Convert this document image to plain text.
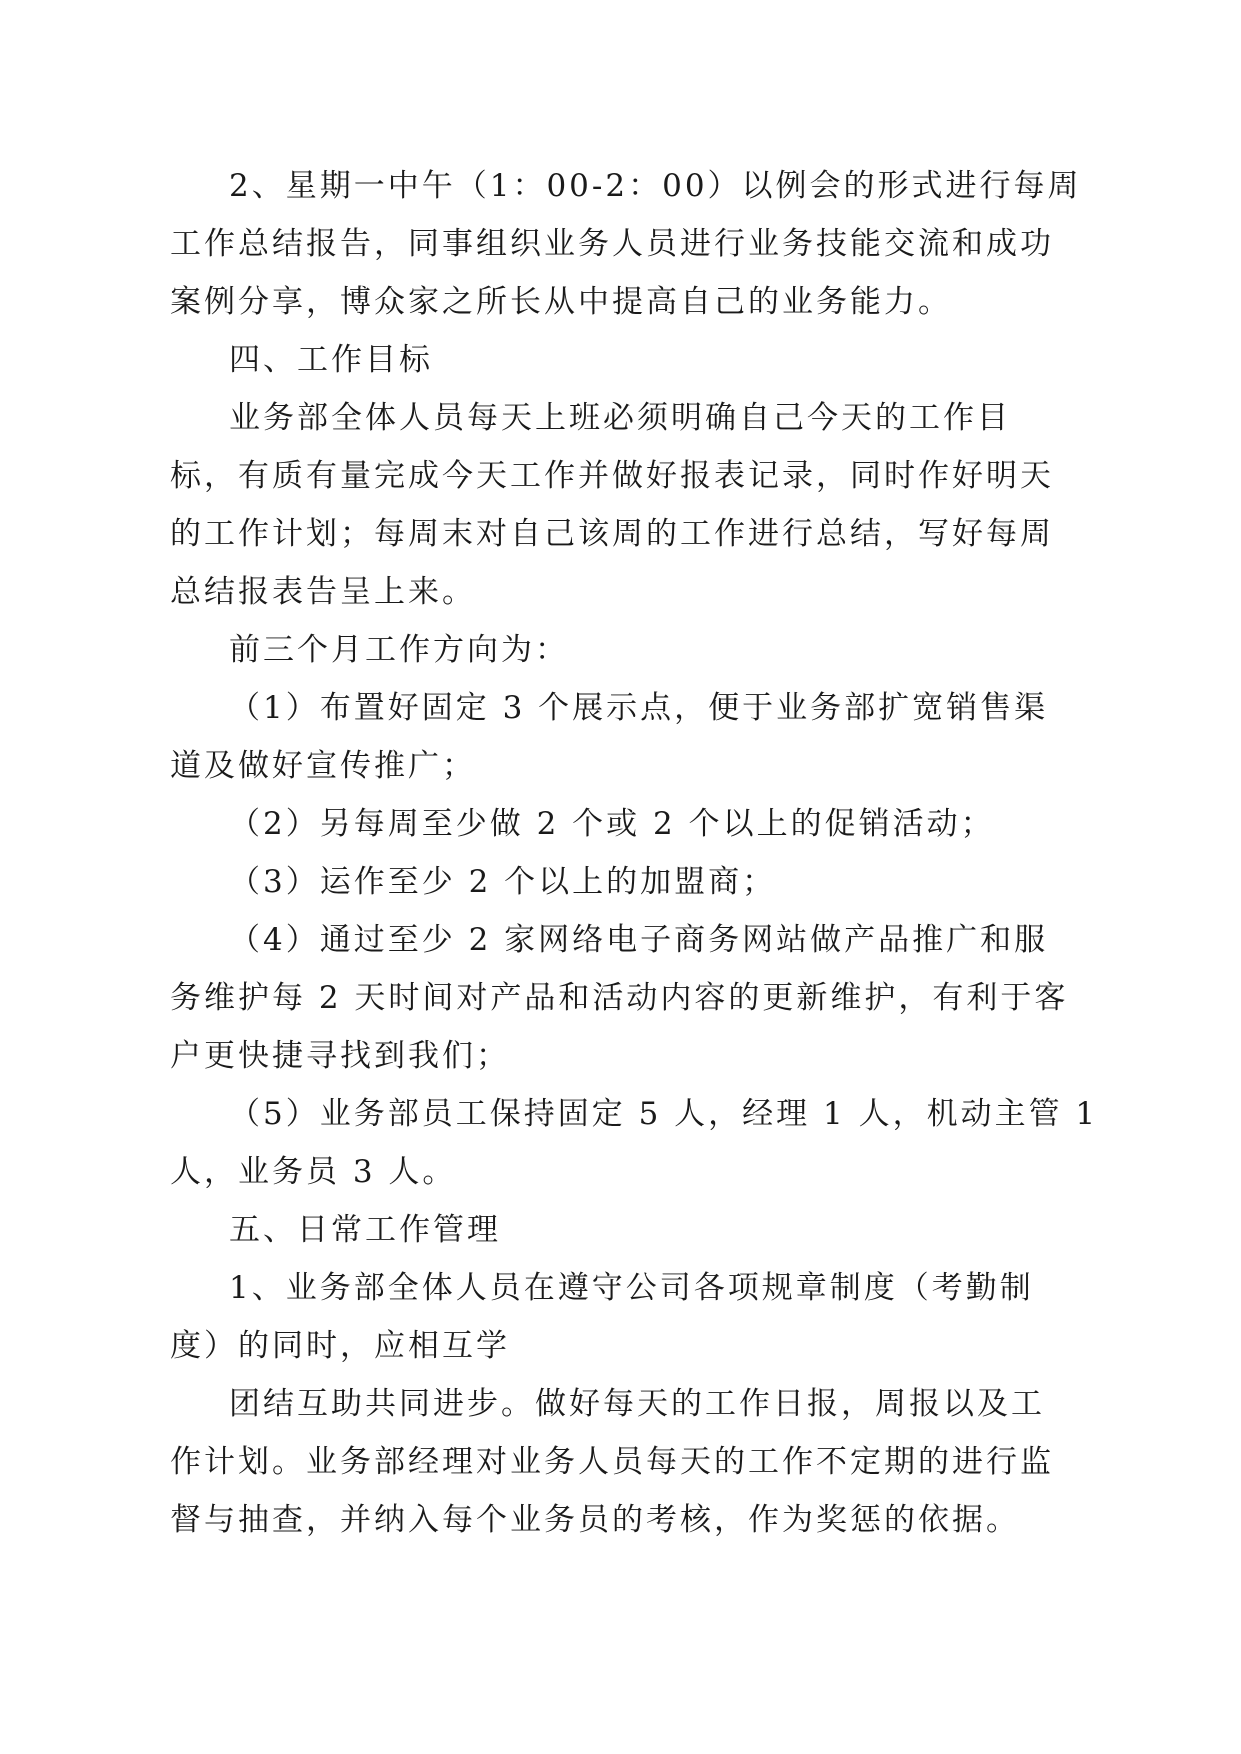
2、星期一中午（1：00-2：00）以例会的形式进行每周
工作总结报告，同事组织业务人员进行业务技能交流和成功
案例分享，博众家之所长从中提高自己的业务能力。
四、工作目标
业务部全体人员每天上班必须明确自己今天的工作目
标，有质有量完成今天工作并做好报表记录，同时作好明天
的工作计划；每周末对自己该周的工作进行总结，写好每周
总结报表告呈上来。
前三个月工作方向为：
（1）布置好固定 3 个展示点，便于业务部扩宽销售渠
道及做好宣传推广；
（2）另每周至少做 2 个或 2 个以上的促销活动；
（3）运作至少 2 个以上的加盟商；
（4）通过至少 2 家网络电子商务网站做产品推广和服
务维护每 2 天时间对产品和活动内容的更新维护，有利于客
户更快捷寻找到我们；
（5）业务部员工保持固定 5 人，经理 1 人，机动主管 1
人，业务员 3 人。
五、日常工作管理
1、业务部全体人员在遵守公司各项规章制度（考勤制
度）的同时，应相互学
团结互助共同进步。做好每天的工作日报，周报以及工
作计划。业务部经理对业务人员每天的工作不定期的进行监
督与抽查，并纳入每个业务员的考核，作为奖惩的依据。
